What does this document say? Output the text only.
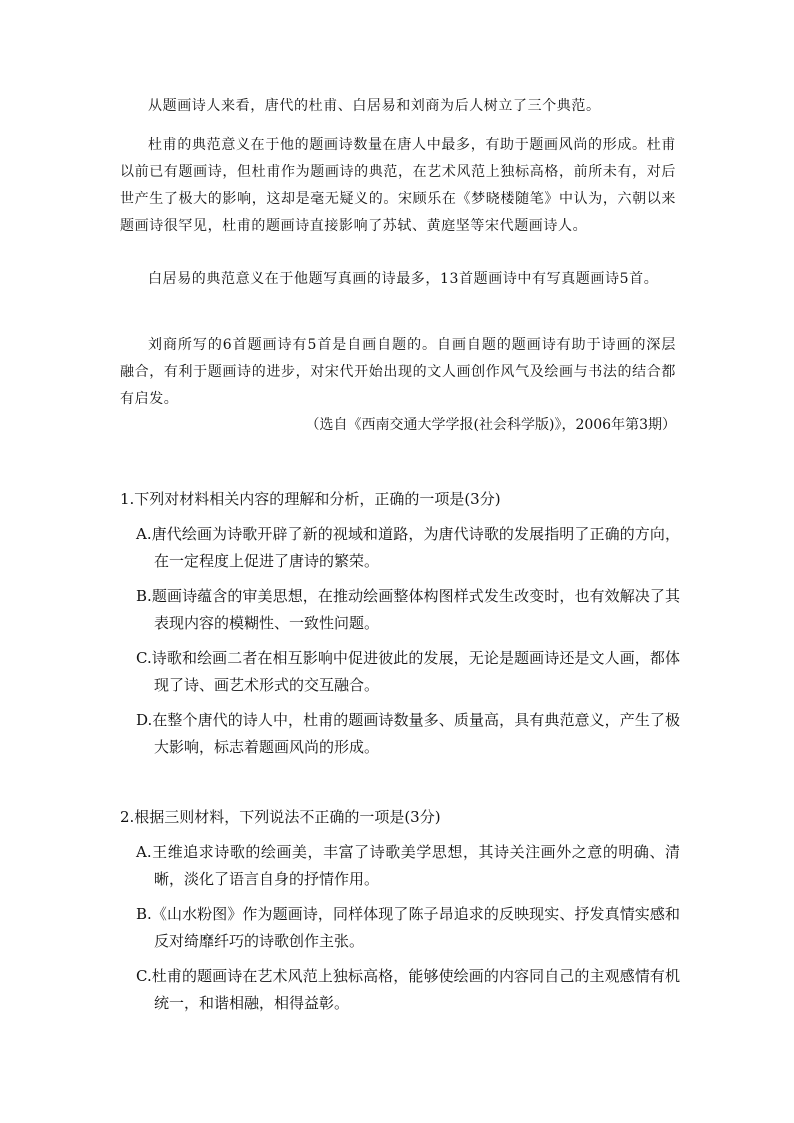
从题画诗人来看，唐代的杜甫、白居易和刘商为后人树立了三个典范。

杜甫的典范意义在于他的题画诗数量在唐人中最多，有助于题画风尚的形成。杜甫以前已有题画诗，但杜甫作为题画诗的典范，在艺术风范上独标高格，前所未有，对后世产生了极大的影响，这却是毫无疑义的。宋顾乐在《梦晓楼随笔》中认为，六朝以来题画诗很罕见，杜甫的题画诗直接影响了苏轼、黄庭坚等宋代题画诗人。

白居易的典范意义在于他题写真画的诗最多，13首题画诗中有写真题画诗5首。

刘商所写的6首题画诗有5首是自画自题的。自画自题的题画诗有助于诗画的深层融合，有利于题画诗的进步，对宋代开始出现的文人画创作风气及绘画与书法的结合都有启发。

（选自《西南交通大学学报(社会科学版)》，2006年第3期）

1.下列对材料相关内容的理解和分析，正确的一项是(3分)

A.唐代绘画为诗歌开辟了新的视域和道路，为唐代诗歌的发展指明了正确的方向，在一定程度上促进了唐诗的繁荣。

B.题画诗蕴含的审美思想，在推动绘画整体构图样式发生改变时，也有效解决了其表现内容的模糊性、一致性问题。

C.诗歌和绘画二者在相互影响中促进彼此的发展，无论是题画诗还是文人画，都体现了诗、画艺术形式的交互融合。

D.在整个唐代的诗人中，杜甫的题画诗数量多、质量高，具有典范意义，产生了极大影响，标志着题画风尚的形成。

2.根据三则材料，下列说法不正确的一项是(3分)

A.王维追求诗歌的绘画美，丰富了诗歌美学思想，其诗关注画外之意的明确、清晰，淡化了语言自身的抒情作用。

B.《山水粉图》作为题画诗，同样体现了陈子昂追求的反映现实、抒发真情实感和反对绮靡纤巧的诗歌创作主张。

C.杜甫的题画诗在艺术风范上独标高格，能够使绘画的内容同自己的主观感情有机统一，和谐相融，相得益彰。
